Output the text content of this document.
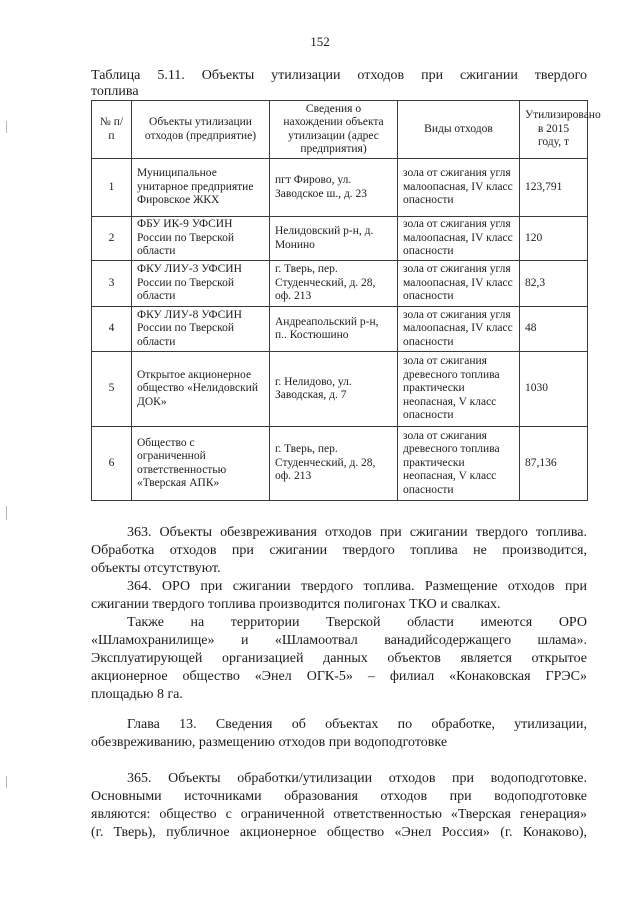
152
Таблица 5.11. Объекты утилизации отходов при сжигании твердого
топлива
№ п/п	Объекты утилизации отходов (предприятие)	Сведения о нахождении объекта утилизации (адрес предприятия)	Виды отходов	Утилизировано в 2015 году, т
1	Муниципальное унитарное предприятие Фировское ЖКХ	пгт Фирово, ул. Заводское ш., д. 23	зола от сжигания угля малоопасная, IV класс опасности	123,791
2	ФБУ ИК-9 УФСИН России по Тверской области	Нелидовский р-н, д. Монино	зола от сжигания угля малоопасная, IV класс опасности	120
3	ФКУ ЛИУ-3 УФСИН России по Тверской области	г. Тверь, пер. Студенческий, д. 28, оф. 213	зола от сжигания угля малоопасная, IV класс опасности	82,3
4	ФКУ ЛИУ-8 УФСИН России по Тверской области	Андреапольский р-н, п.. Костюшино	зола от сжигания угля малоопасная, IV класс опасности	48
5	Открытое акционерное общество «Нелидовский ДОК»	г. Нелидово, ул. Заводская, д. 7	зола от сжигания древесного топлива практически неопасная, V класс опасности	1030
6	Общество с ограниченной ответственностью «Тверская АПК»	г. Тверь, пер. Студенческий, д. 28, оф. 213	зола от сжигания древесного топлива практически неопасная, V класс опасности	87,136
363. Объекты обезвреживания отходов при сжигании твердого топлива.
Обработка отходов при сжигании твердого топлива не производится,
объекты отсутствуют.
364. ОРО при сжигании твердого топлива. Размещение отходов при
сжигании твердого топлива производится полигонах ТКО и свалках.
Также на территории Тверской области имеются ОРО
«Шламохранилище» и «Шламоотвал ванадийсодержащего шлама».
Эксплуатирующей организацией данных объектов является открытое
акционерное общество «Энел ОГК-5» – филиал «Конаковская ГРЭС»
площадью 8 га.
Глава 13. Сведения об объектах по обработке, утилизации,
обезвреживанию, размещению отходов при водоподготовке
365. Объекты обработки/утилизации отходов при водоподготовке.
Основными источниками образования отходов при водоподготовке
являются: общество с ограниченной ответственностью «Тверская генерация»
(г. Тверь), публичное акционерное общество «Энел Россия» (г. Конаково),
